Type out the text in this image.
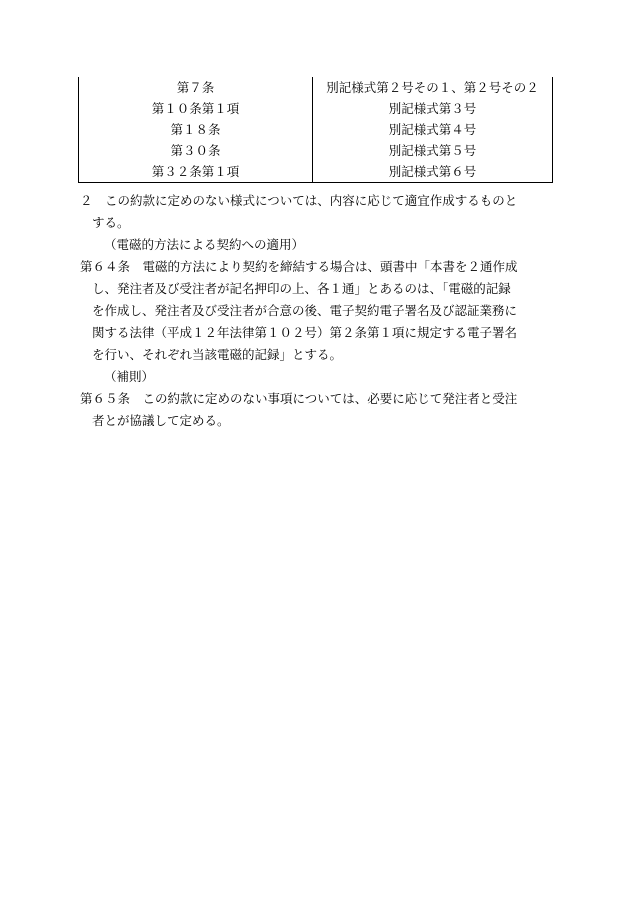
第７条	別記様式第２号その１、第２号その２
第１０条第１項	別記様式第３号
第１８条	別記様式第４号
第３０条	別記様式第５号
第３２条第１項	別記様式第６号
２　この約款に定めのない様式については、内容に応じて適宜作成するものと
する。
（電磁的方法による契約への適用）
第６４条　電磁的方法により契約を締結する場合は、頭書中「本書を２通作成
し、発注者及び受注者が記名押印の上、各１通」とあるのは、「電磁的記録
を作成し、発注者及び受注者が合意の後、電子契約電子署名及び認証業務に
関する法律（平成１２年法律第１０２号）第２条第１項に規定する電子署名
を行い、それぞれ当該電磁的記録」とする。
（補則）
第６５条　この約款に定めのない事項については、必要に応じて発注者と受注
者とが協議して定める。
